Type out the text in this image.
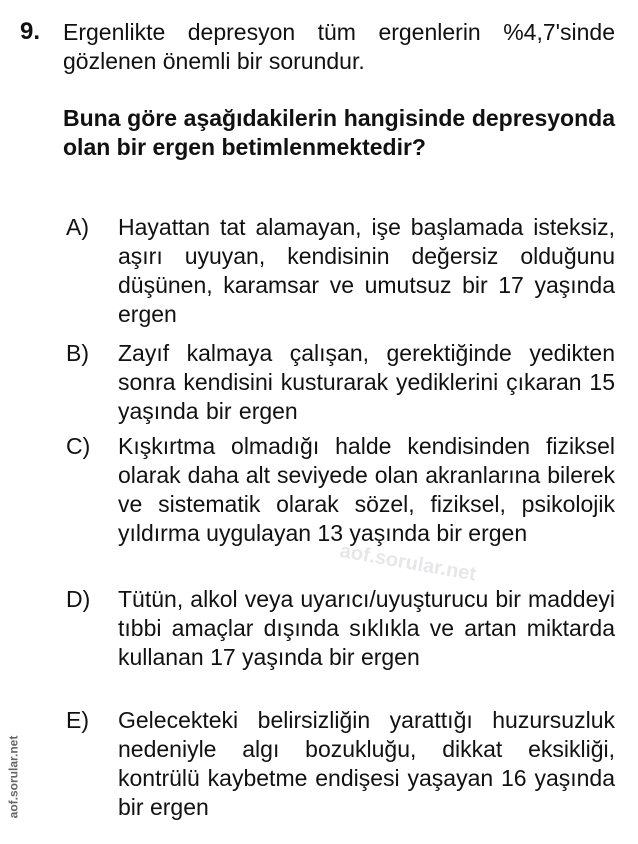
9. Ergenlikte depresyon tüm ergenlerin %4,7'sinde gözlenen önemli bir sorundur.
Buna göre aşağıdakilerin hangisinde depresyonda olan bir ergen betimlenmektedir?
A) Hayattan tat alamayan, işe başlamada isteksiz, aşırı uyuyan, kendisinin değersiz olduğunu düşünen, karamsar ve umutsuz bir 17 yaşında ergen
B) Zayıf kalmaya çalışan, gerektiğinde yedikten sonra kendisini kusturarak yediklerini çıkaran 15 yaşında bir ergen
C) Kışkırtma olmadığı halde kendisinden fiziksel olarak daha alt seviyede olan akranlarına bilerek ve sistematik olarak sözel, fiziksel, psikolojik yıldırma uygulayan 13 yaşında bir ergen
D) Tütün, alkol veya uyarıcı/uyuşturucu bir maddeyi tıbbi amaçlar dışında sıklıkla ve artan miktarda kullanan 17 yaşında bir ergen
E) Gelecekteki belirsizliğin yarattığı huzursuzluk nedeniyle algı bozukluğu, dikkat eksikliği, kontrülü kaybetme endişesi yaşayan 16 yaşında bir ergen
aof.sorular.net
aof.sorular.net
